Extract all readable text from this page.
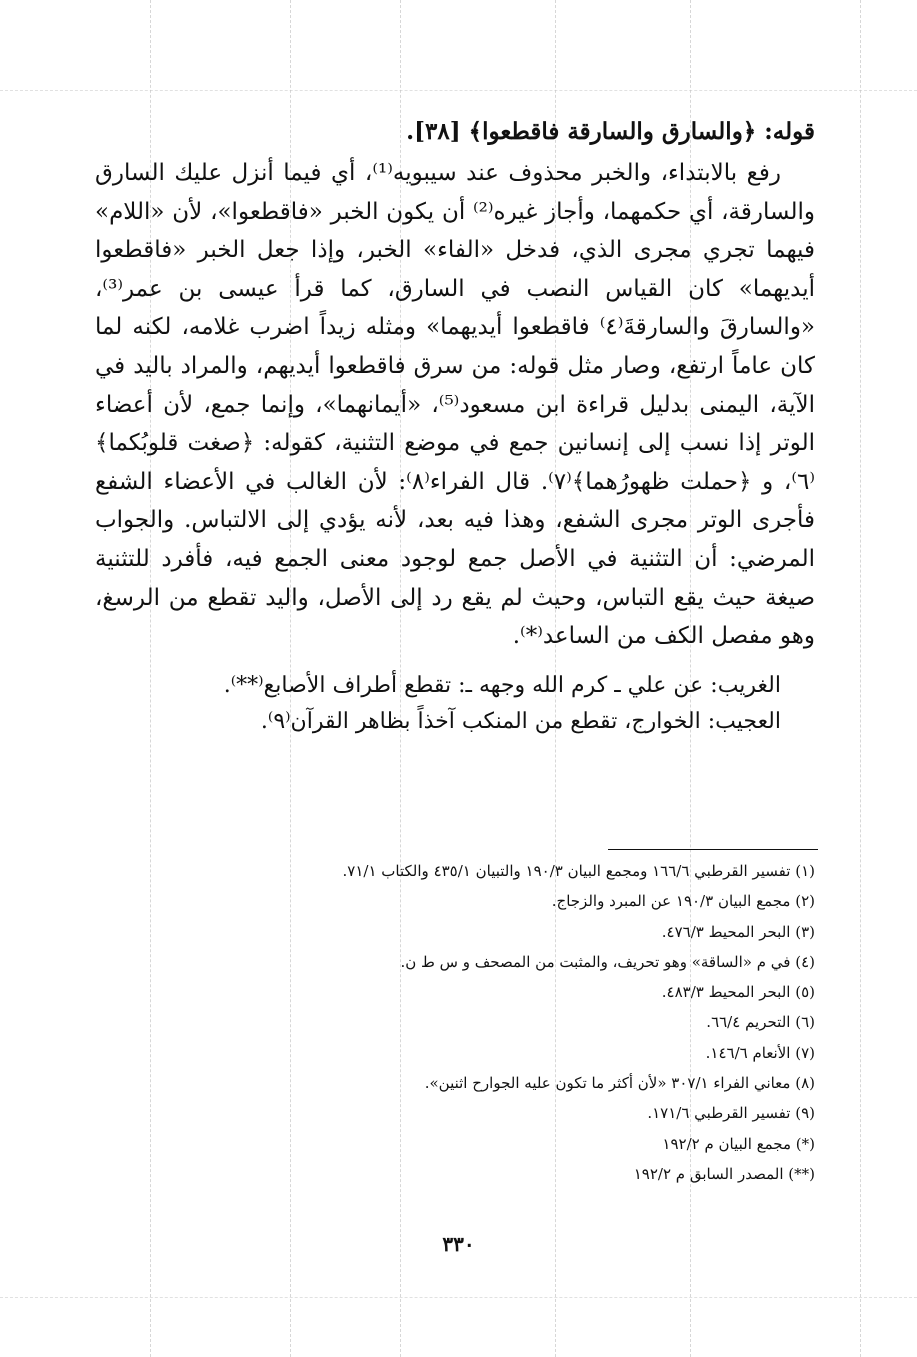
قوله: ﴿والسارق والسارقة فاقطعوا﴾ [٣٨].

رفع بالابتداء، والخبر محذوف عند سيبويه⁽¹⁾، أي فيما أنزل عليك السارق والسارقة، أي حكمهما، وأجاز غيره⁽²⁾ أن يكون الخبر «فاقطعوا»، لأن «اللام» فيهما تجري مجرى الذي، فدخل «الفاء» الخبر، وإذا جعل الخبر «فاقطعوا أيديهما» كان القياس النصب في السارق، كما قرأ عيسى بن عمر⁽³⁾، «والسارقَ والسارقةَ⁽٤⁾ فاقطعوا أيديهما» ومثله زيداً اضرب غلامه، لكنه لما كان عاماً ارتفع، وصار مثل قوله: من سرق فاقطعوا أيديهم، والمراد باليد في الآية، اليمنى بدليل قراءة ابن مسعود⁽⁵⁾، «أيمانهما»، وإنما جمع، لأن أعضاء الوتر إذا نسب إلى إنسانين جمع في موضع التثنية، كقوله: ﴿صغت قلوبُكما﴾⁽٦⁾، و ﴿حملت ظهورُهما﴾⁽٧⁾. قال الفراء⁽٨⁾: لأن الغالب في الأعضاء الشفع فأجرى الوتر مجرى الشفع، وهذا فيه بعد، لأنه يؤدي إلى الالتباس. والجواب المرضي: أن التثنية في الأصل جمع لوجود معنى الجمع فيه، فأفرد للتثنية صيغة حيث يقع التباس، وحيث لم يقع رد إلى الأصل، واليد تقطع من الرسغ، وهو مفصل الكف من الساعد⁽*⁾.

الغريب: عن علي ـ كرم الله وجهه ـ: تقطع أطراف الأصابع⁽**⁾.

العجيب: الخوارج، تقطع من المنكب آخذاً بظاهر القرآن⁽٩⁾.

(١) تفسير القرطبي ١٦٦/٦ ومجمع البيان ١٩٠/٣ والتبيان ٤٣٥/١ والكتاب ٧١/١.
(٢) مجمع البيان ١٩٠/٣ عن المبرد والزجاج.
(٣) البحر المحيط ٤٧٦/٣.
(٤) في م «الساقة» وهو تحريف، والمثبت من المصحف و س ط ن.
(٥) البحر المحيط ٤٨٣/٣.
(٦) التحريم ٦٦/٤.
(٧) الأنعام ١٤٦/٦.
(٨) معاني الفراء ٣٠٧/١ «لأن أكثر ما تكون عليه الجوارح اثنين».
(٩) تفسير القرطبي ١٧١/٦.
(*) مجمع البيان م ١٩٢/٢
(**) المصدر السابق م ١٩٢/٢
٣٣٠
